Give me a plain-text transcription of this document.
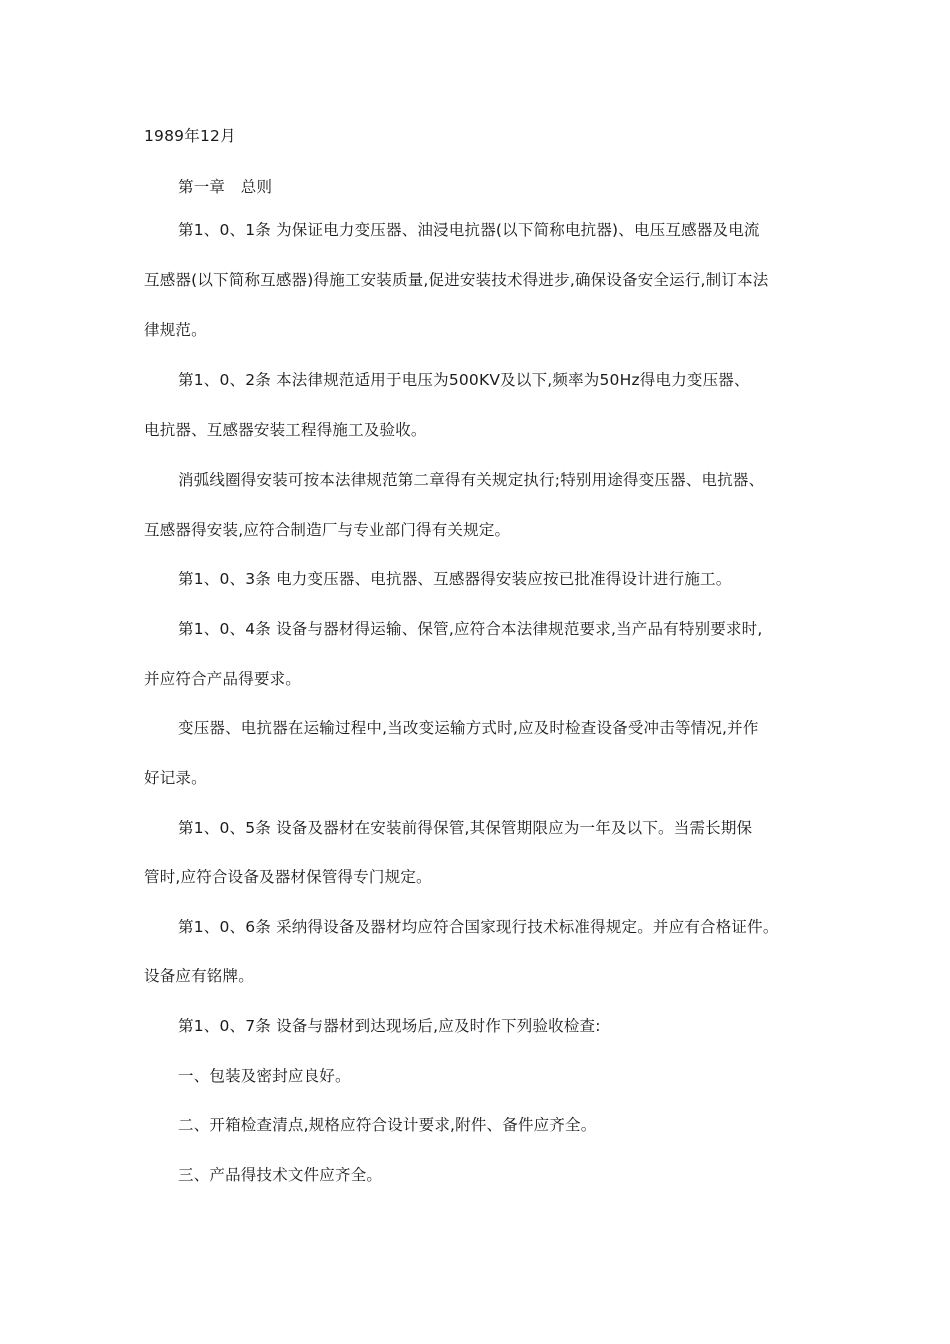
1989年12月
第一章　总则
第1、0、1条 为保证电力变压器、油浸电抗器(以下简称电抗器)、电压互感器及电流
互感器(以下简称互感器)得施工安装质量,促进安装技术得进步,确保设备安全运行,制订本法
律规范。
第1、0、2条 本法律规范适用于电压为500KV及以下,频率为50Hz得电力变压器、
电抗器、互感器安装工程得施工及验收。
消弧线圈得安装可按本法律规范第二章得有关规定执行;特别用途得变压器、电抗器、
互感器得安装,应符合制造厂与专业部门得有关规定。
第1、0、3条 电力变压器、电抗器、互感器得安装应按已批准得设计进行施工。
第1、0、4条 设备与器材得运输、保管,应符合本法律规范要求,当产品有特别要求时,
并应符合产品得要求。
变压器、电抗器在运输过程中,当改变运输方式时,应及时检查设备受冲击等情况,并作
好记录。
第1、0、5条 设备及器材在安装前得保管,其保管期限应为一年及以下。当需长期保
管时,应符合设备及器材保管得专门规定。
第1、0、6条 采纳得设备及器材均应符合国家现行技术标准得规定。并应有合格证件。
设备应有铭牌。
第1、0、7条 设备与器材到达现场后,应及时作下列验收检查:
一、包装及密封应良好。
二、开箱检查清点,规格应符合设计要求,附件、备件应齐全。
三、产品得技术文件应齐全。
